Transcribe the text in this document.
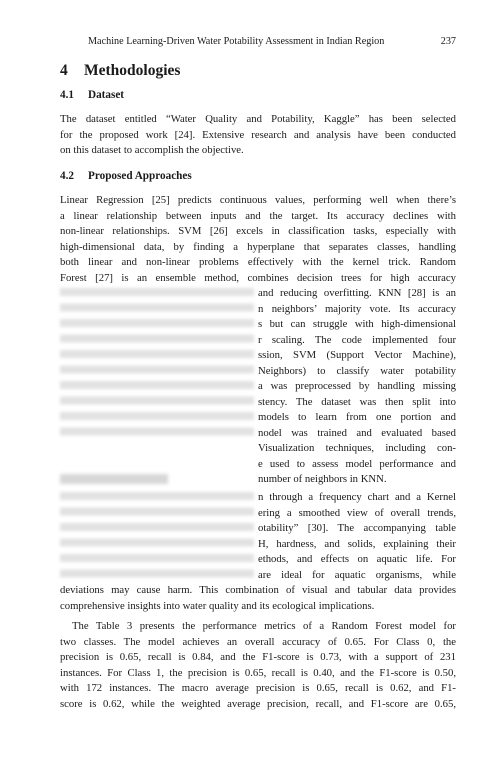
Machine Learning-Driven Water Potability Assessment in Indian Region	237
4 Methodologies
4.1 Dataset
The dataset entitled “Water Quality and Potability, Kaggle” has been selected
for the proposed work [24]. Extensive research and analysis have been conducted
on this dataset to accomplish the objective.
4.2 Proposed Approaches
Linear Regression [25] predicts continuous values, performing well when there’s
a linear relationship between inputs and the target. Its accuracy declines with
non-linear relationships. SVM [26] excels in classification tasks, especially with
high-dimensional data, by finding a hyperplane that separates classes, handling
both linear and non-linear problems effectively with the kernel trick. Random
Forest [27] is an ensemble method, combines decision trees for high accuracy
and reducing overfitting. KNN [28] is an
n neighbors’ majority vote. Its accuracy
s but can struggle with high-dimensional
r scaling. The code implemented four
ssion, SVM (Support Vector Machine),
Neighbors) to classify water potability
a was preprocessed by handling missing
stency. The dataset was then split into
models to learn from one portion and
nodel was trained and evaluated based
Visualization techniques, including con-
e used to assess model performance and
number of neighbors in KNN.
n through a frequency chart and a Kernel
ering a smoothed view of overall trends,
otability” [30]. The accompanying table
H, hardness, and solids, explaining their
ethods, and effects on aquatic life. For
are ideal for aquatic organisms, while
deviations may cause harm. This combination of visual and tabular data provides
comprehensive insights into water quality and its ecological implications.
The Table 3 presents the performance metrics of a Random Forest model for
two classes. The model achieves an overall accuracy of 0.65. For Class 0, the
precision is 0.65, recall is 0.84, and the F1-score is 0.73, with a support of 231
instances. For Class 1, the precision is 0.65, recall is 0.40, and the F1-score is 0.50,
with 172 instances. The macro average precision is 0.65, recall is 0.62, and F1-
score is 0.62, while the weighted average precision, recall, and F1-score are 0.65,
